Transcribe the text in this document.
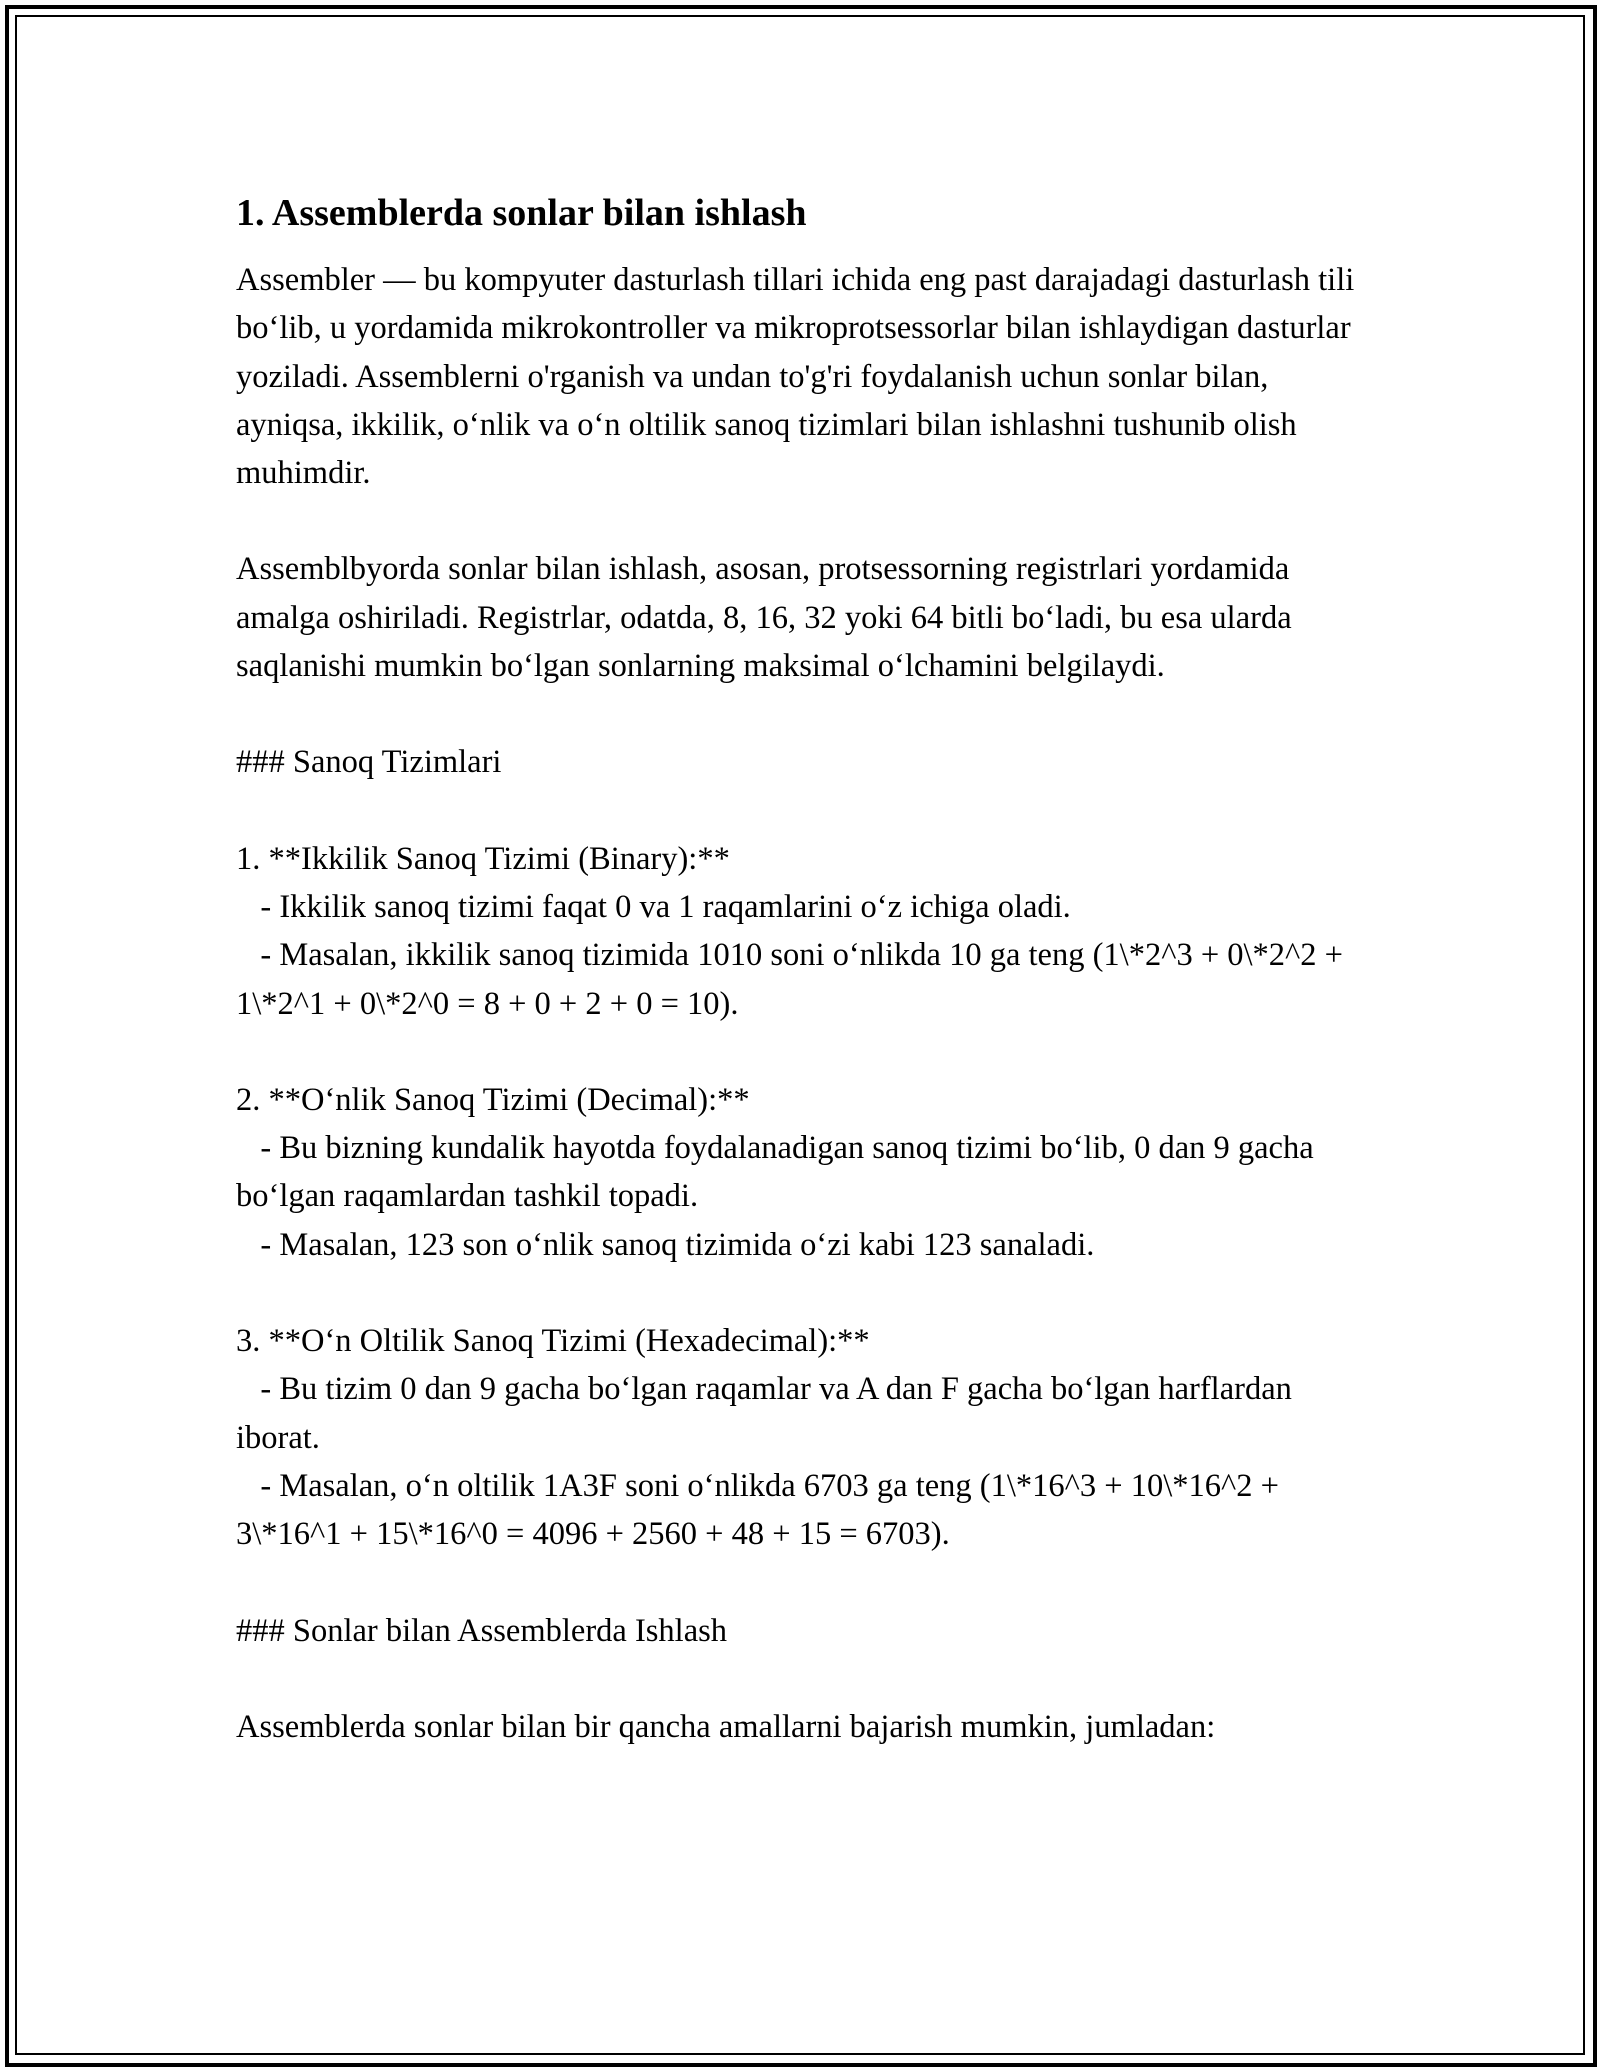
1. Assemblerda sonlar bilan ishlash

Assembler — bu kompyuter dasturlash tillari ichida eng past darajadagi dasturlash tili bo‘lib, u yordamida mikrokontroller va mikroprotsessorlar bilan ishlaydigan dasturlar yoziladi. Assemblerni o'rganish va undan to'g'ri foydalanish uchun sonlar bilan, ayniqsa, ikkilik, o‘nlik va o‘n oltilik sanoq tizimlari bilan ishlashni tushunib olish muhimdir.

Assemblbyorda sonlar bilan ishlash, asosan, protsessorning registrlari yordamida amalga oshiriladi. Registrlar, odatda, 8, 16, 32 yoki 64 bitli bo‘ladi, bu esa ularda saqlanishi mumkin bo‘lgan sonlarning maksimal o‘lchamini belgilaydi.

### Sanoq Tizimlari

1. **Ikkilik Sanoq Tizimi (Binary):**
- Ikkilik sanoq tizimi faqat 0 va 1 raqamlarini o‘z ichiga oladi.
- Masalan, ikkilik sanoq tizimida 1010 soni o‘nlikda 10 ga teng (1\*2^3 + 0\*2^2 + 1\*2^1 + 0\*2^0 = 8 + 0 + 2 + 0 = 10).

2. **O‘nlik Sanoq Tizimi (Decimal):**
- Bu bizning kundalik hayotda foydalanadigan sanoq tizimi bo‘lib, 0 dan 9 gacha bo‘lgan raqamlardan tashkil topadi.
- Masalan, 123 son o‘nlik sanoq tizimida o‘zi kabi 123 sanaladi.

3. **O‘n Oltilik Sanoq Tizimi (Hexadecimal):**
- Bu tizim 0 dan 9 gacha bo‘lgan raqamlar va A dan F gacha bo‘lgan harflardan iborat.
- Masalan, o‘n oltilik 1A3F soni o‘nlikda 6703 ga teng (1\*16^3 + 10\*16^2 + 3\*16^1 + 15\*16^0 = 4096 + 2560 + 48 + 15 = 6703).

### Sonlar bilan Assemblerda Ishlash

Assemblerda sonlar bilan bir qancha amallarni bajarish mumkin, jumladan:
